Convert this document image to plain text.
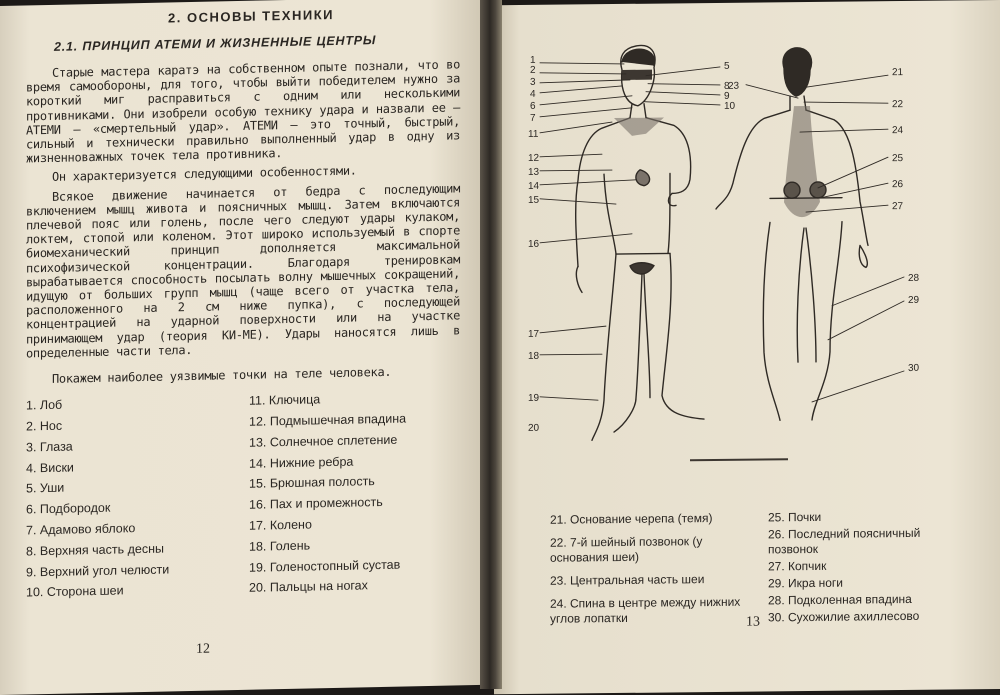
2. ОСНОВЫ ТЕХНИКИ
2.1. ПРИНЦИП АТЕМИ И ЖИЗНЕННЫЕ ЦЕНТРЫ

Старые мастера каратэ на собственном опыте познали, что во время самообороны, для того, чтобы выйти победителем нужно за короткий миг расправиться с одним или несколькими противниками. Они изобрели особую технику удара и назвали ее — АТЕМИ — «смертельный удар». АТЕМИ — это точный, быстрый, сильный и технически правильно выполненный удар в одну из жизненноважных точек тела противника.

Он характеризуется следующими особенностями.

Всякое движение начинается от бедра с последующим включением мышц живота и поясничных мышц. Затем включаются плечевой пояс или голень, после чего следуют удары кулаком, локтем, стопой или коленом. Этот широко используемый в спорте биомеханический принцип дополняется максимальной психофизической концентрации. Благодаря тренировкам вырабатывается способность посылать волну мышечных сокращений, идущую от больших групп мышц (чаще всего от участка тела, расположенного на 2 см ниже пупка), с последующей концентрацией на ударной поверхности или на участке принимающем удар (теория КИ-МЕ). Удары наносятся лишь в определенные части тела.

Покажем наиболее уязвимые точки на теле человека.

1. Лоб
2. Нос
3. Глаза
4. Виски
5. Уши
6. Подбородок
7. Адамово яблоко
8. Верхняя часть десны
9. Верхний угол челюсти
10. Сторона шеи
11. Ключица
12. Подмышечная впадина
13. Солнечное сплетение
14. Нижние ребра
15. Брюшная полость
16. Пах и промежность
17. Колено
18. Голень
19. Голеностопный сустав
20. Пальцы на ногах
12
1
2
3
4
6
7
11
12
13
14
15
16
17
18
19
20
5
8
9
10
21
22
23
24
25
26
27
28
29
30
21. Основание черепа (темя)
22. 7-й шейный позвонок (у основания шеи)
23. Центральная часть шеи
24. Спина в центре между нижних углов лопатки
25. Почки
26. Последний поясничный позвонок
27. Копчик
29. Икра ноги
28. Подколенная впадина
30. Сухожилие ахиллесово
13
